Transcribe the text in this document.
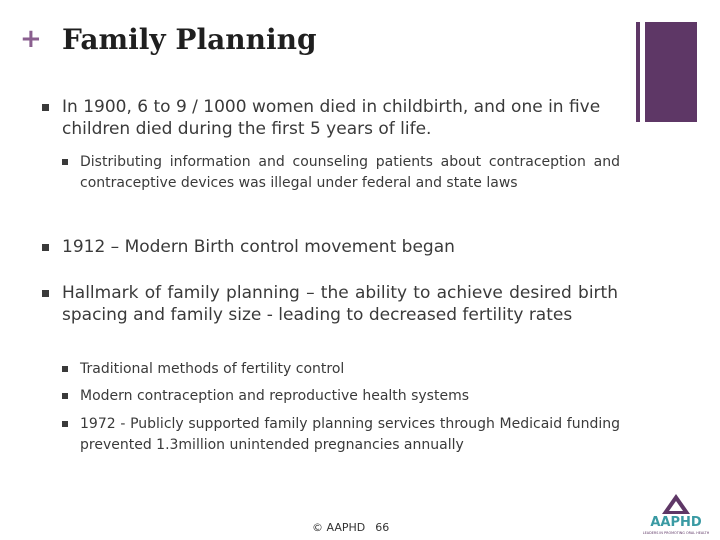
+ Family Planning
In 1900, 6 to 9 / 1000 women died in childbirth, and one in five children died during the first 5 years of life.
Distributing information and counseling patients about contraception and contraceptive devices was illegal under federal and state laws
1912 – Modern Birth control movement began
Hallmark of family planning – the ability to achieve desired birth spacing and family size - leading to decreased fertility rates
Traditional methods of fertility control
Modern contraception and reproductive health systems
1972 - Publicly supported family planning services through Medicaid funding prevented 1.3million unintended pregnancies annually
© AAPHD 66	AAPHD
LEADERS IN PROMOTING ORAL HEALTH
